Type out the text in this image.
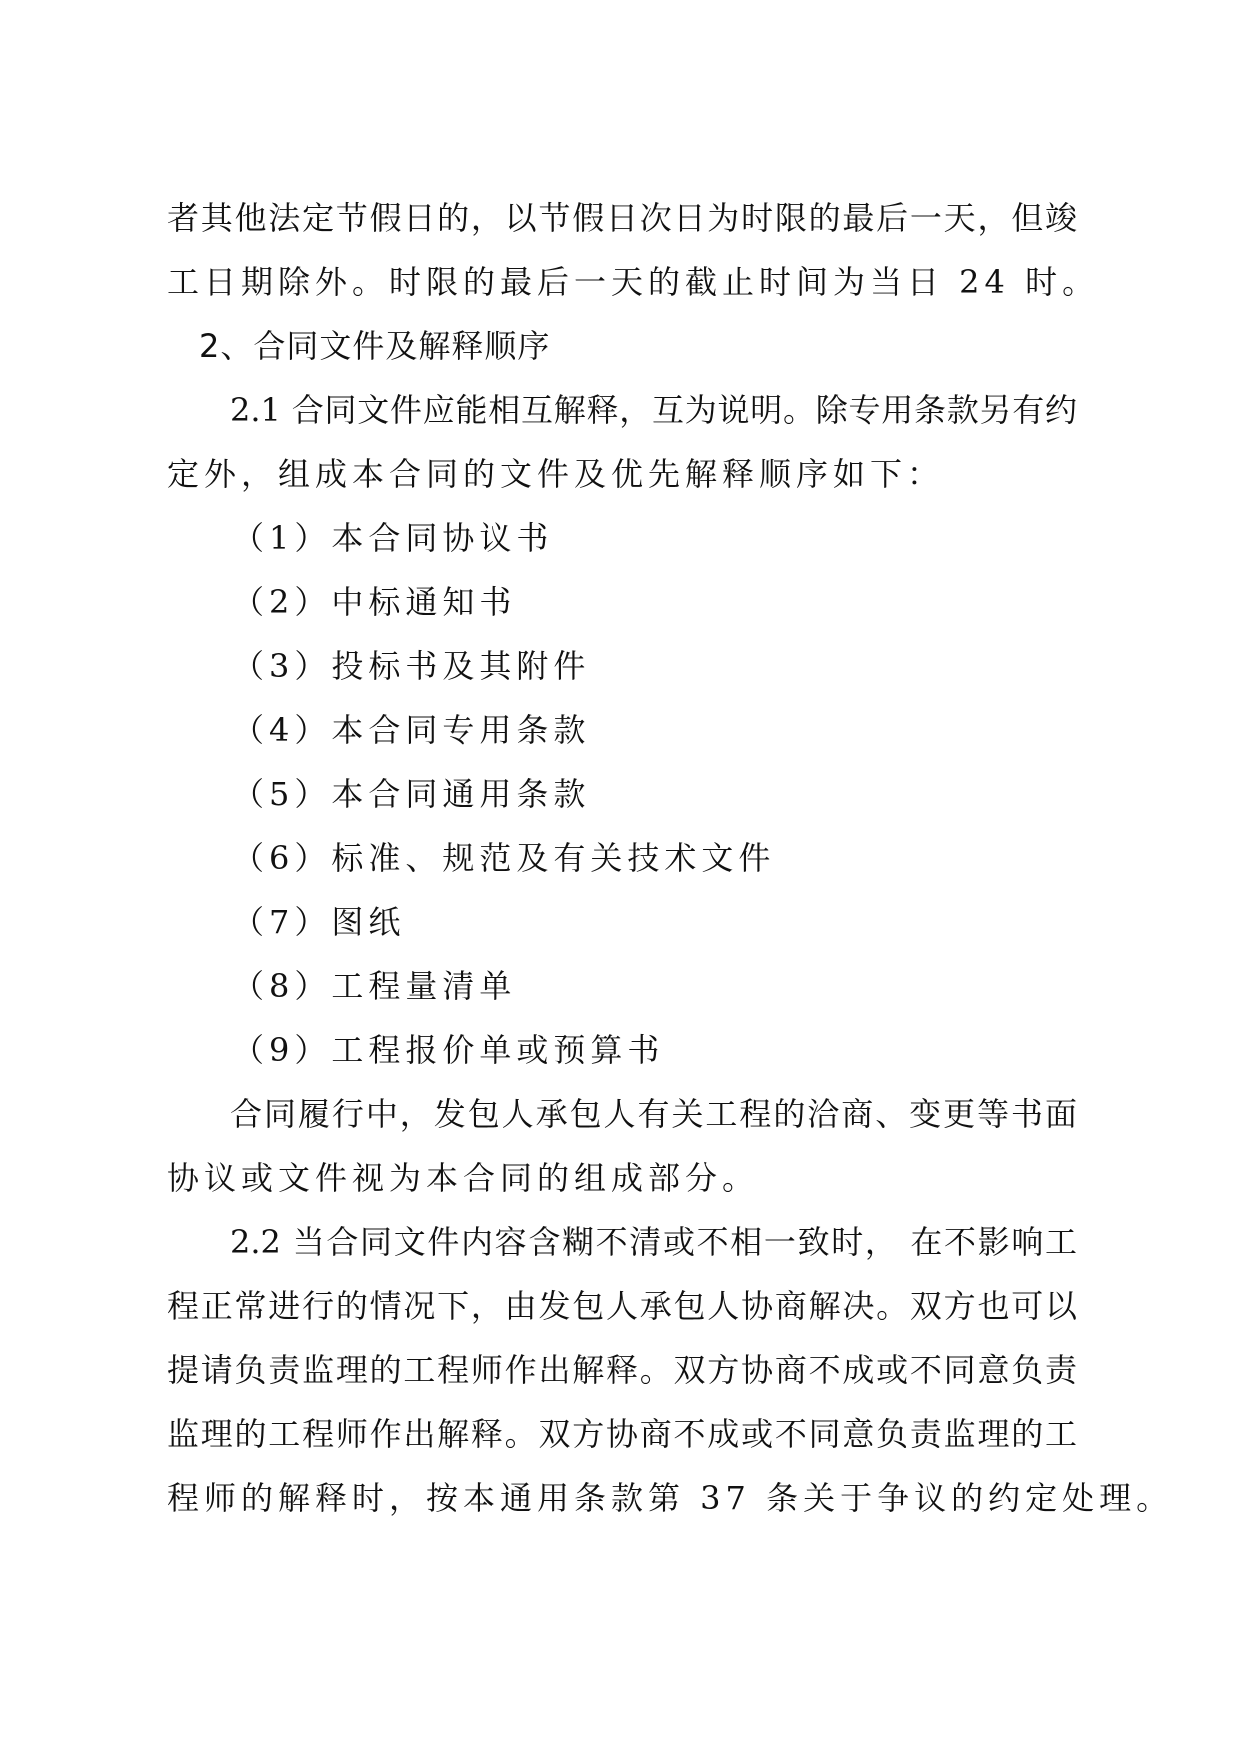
者其他法定节假日的，以节假日次日为时限的最后一天，但竣
工日期除外。时限的最后一天的截止时间为当日 24 时。
2、合同文件及解释顺序
2.1 合同文件应能相互解释，互为说明。除专用条款另有约
定外，组成本合同的文件及优先解释顺序如下：
（1）本合同协议书
（2）中标通知书
（3）投标书及其附件
（4）本合同专用条款
（5）本合同通用条款
（6）标准、规范及有关技术文件
（7）图纸
（8）工程量清单
（9）工程报价单或预算书
合同履行中，发包人承包人有关工程的洽商、变更等书面
协议或文件视为本合同的组成部分。
2.2 当合同文件内容含糊不清或不相一致时， 在不影响工
程正常进行的情况下，由发包人承包人协商解决。双方也可以
提请负责监理的工程师作出解释。双方协商不成或不同意负责
监理的工程师作出解释。双方协商不成或不同意负责监理的工
程师的解释时，按本通用条款第 37 条关于争议的约定处理。
